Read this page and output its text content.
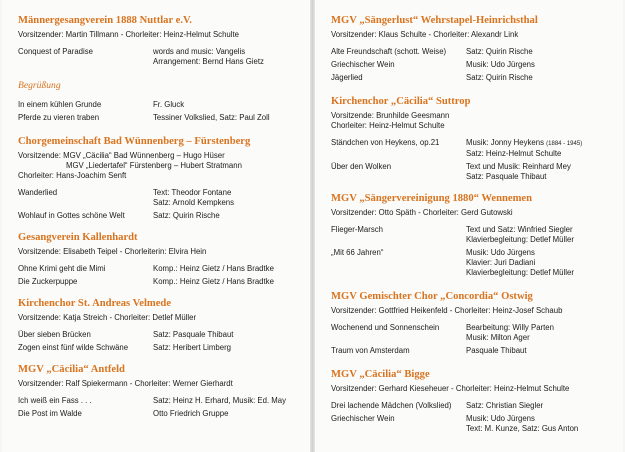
Männergesangverein 1888 Nuttlar e.V.
Vorsitzender: Martin Tillmann - Chorleiter: Heinz-Helmut Schulte
Conquest of Paradise	words and music: Vangelis
Arrangement: Bernd Hans Gietz
Begrüßung
In einem kühlen Grunde	Fr. Gluck
Pferde zu vieren traben	Tessiner Volkslied, Satz: Paul Zoll
Chorgemeinschaft Bad Wünnenberg – Fürstenberg
Vorsitzende: MGV „Cäcilia“ Bad Wünnenberg – Hugo Hüser
MGV „Liedertafel“ Fürstenberg – Hubert Stratmann
Chorleiter: Hans-Joachim Senft
Wanderlied	Text: Theodor Fontane
Satz: Arnold Kempkens
Wohlauf in Gottes schöne Welt	Satz: Quirin Rische
Gesangverein Kallenhardt
Vorsitzende: Elisabeth Teipel - Chorleiterin: Elvira Hein
Ohne Krimi geht die Mimi	Komp.: Heinz Gietz / Hans Bradtke
Die Zuckerpuppe	Komp.: Heinz Gietz / Hans Bradtke
Kirchenchor St. Andreas Velmede
Vorsitzende: Katja Streich - Chorleiter: Detlef Müller
Über sieben Brücken	Satz: Pasquale Thibaut
Zogen einst fünf wilde Schwäne	Satz: Heribert Limberg
MGV „Cäcilia“ Antfeld
Vorsitzender: Ralf Spiekermann - Chorleiter: Werner Gierhardt
Ich weiß ein Fass . . .	Satz: Heinz H. Erhard, Musik: Ed. May
Die Post im Walde	Otto Friedrich Gruppe
MGV „Sängerlust“ Wehrstapel-Heinrichsthal
Vorsitzender: Klaus Schulte - Chorleiter: Alexandr Link
Alte Freundschaft (schott. Weise)	Satz: Quirin Rische
Griechischer Wein	Musik: Udo Jürgens
Jägerlied	Satz: Quirin Rische
Kirchenchor „Cäcilia“ Suttrop
Vorsitzende: Brunhilde Geesmann
Chorleiter: Heinz-Helmut Schulte
Ständchen von Heykens, op.21	Musik: Jonny Heykens (1884 - 1945)
Satz: Heinz-Helmut Schulte
Über den Wolken	Text und Musik: Reinhard Mey
Satz: Pasquale Thibaut
MGV „Sängervereinigung 1880“ Wennemen
Vorsitzender: Otto Späth - Chorleiter: Gerd Gutowski
Flieger-Marsch	Text und Satz: Winfried Siegler
Klavierbegleitung: Detlef Müller
„Mit 66 Jahren“	Musik: Udo Jürgens
Klavier: Juri Dadiani
Klavierbegleitung: Detlef Müller
MGV Gemischter Chor „Concordia“ Ostwig
Vorsitzender: Gottfried Heikenfeld - Chorleiter: Heinz-Josef Schaub
Wochenend und Sonnenschein	Bearbeitung: Willy Parten
Musik: Milton Ager
Traum von Amsterdam	Pasquale Thibaut
MGV „Cäcilia“ Bigge
Vorsitzender: Gerhard Kieseheuer - Chorleiter: Heinz-Helmut Schulte
Drei lachende Mädchen (Volkslied)	Satz: Christian Siegler
Griechischer Wein	Musik: Udo Jürgens
Text: M. Kunze, Satz: Gus Anton
